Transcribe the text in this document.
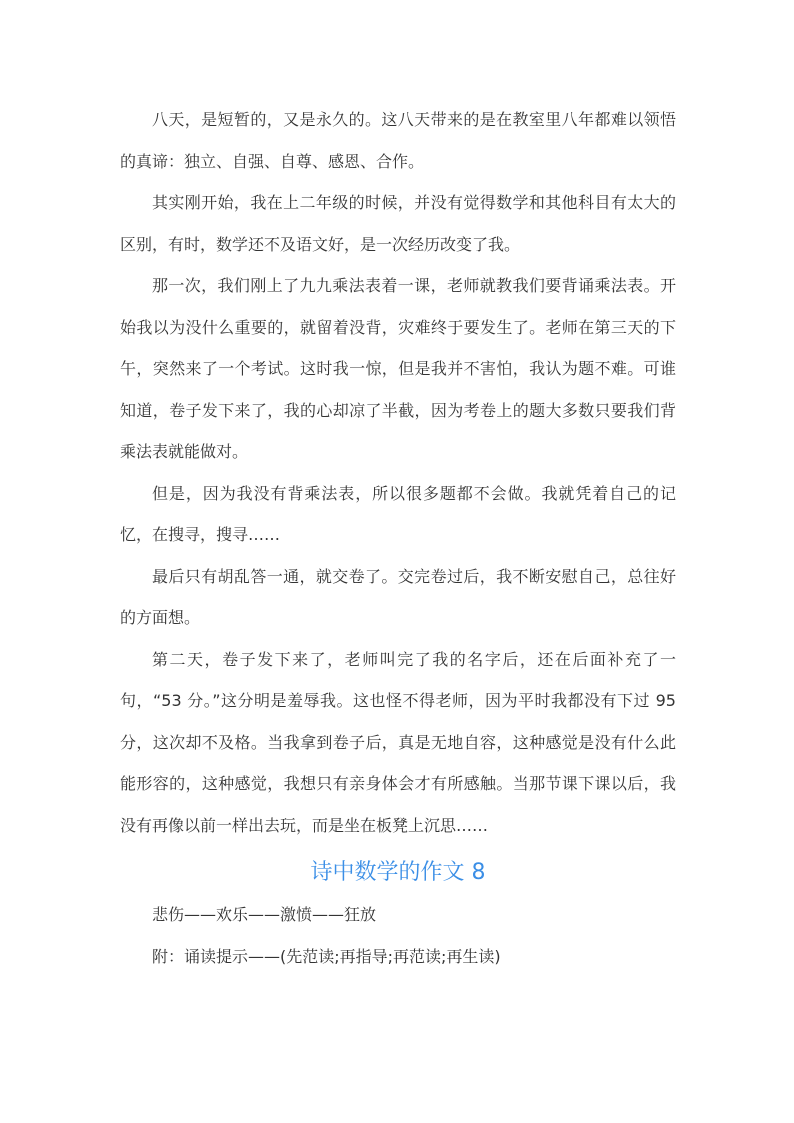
八天，是短暂的，又是永久的。这八天带来的是在教室里八年都难以领悟的真谛：独立、自强、自尊、感恩、合作。

其实刚开始，我在上二年级的时候，并没有觉得数学和其他科目有太大的区别，有时，数学还不及语文好，是一次经历改变了我。

那一次，我们刚上了九九乘法表着一课，老师就教我们要背诵乘法表。开始我以为没什么重要的，就留着没背，灾难终于要发生了。老师在第三天的下午，突然来了一个考试。这时我一惊，但是我并不害怕，我认为题不难。可谁知道，卷子发下来了，我的心却凉了半截，因为考卷上的题大多数只要我们背乘法表就能做对。

但是，因为我没有背乘法表，所以很多题都不会做。我就凭着自己的记忆，在搜寻，搜寻……

最后只有胡乱答一通，就交卷了。交完卷过后，我不断安慰自己，总往好的方面想。

第二天，卷子发下来了，老师叫完了我的名字后，还在后面补充了一句，“53 分。”这分明是羞辱我。这也怪不得老师，因为平时我都没有下过 95 分，这次却不及格。当我拿到卷子后，真是无地自容，这种感觉是没有什么此能形容的，这种感觉，我想只有亲身体会才有所感触。当那节课下课以后，我没有再像以前一样出去玩，而是坐在板凳上沉思……

诗中数学的作文 8

悲伤——欢乐——激愤——狂放

附：诵读提示——(先范读;再指导;再范读;再生读)
